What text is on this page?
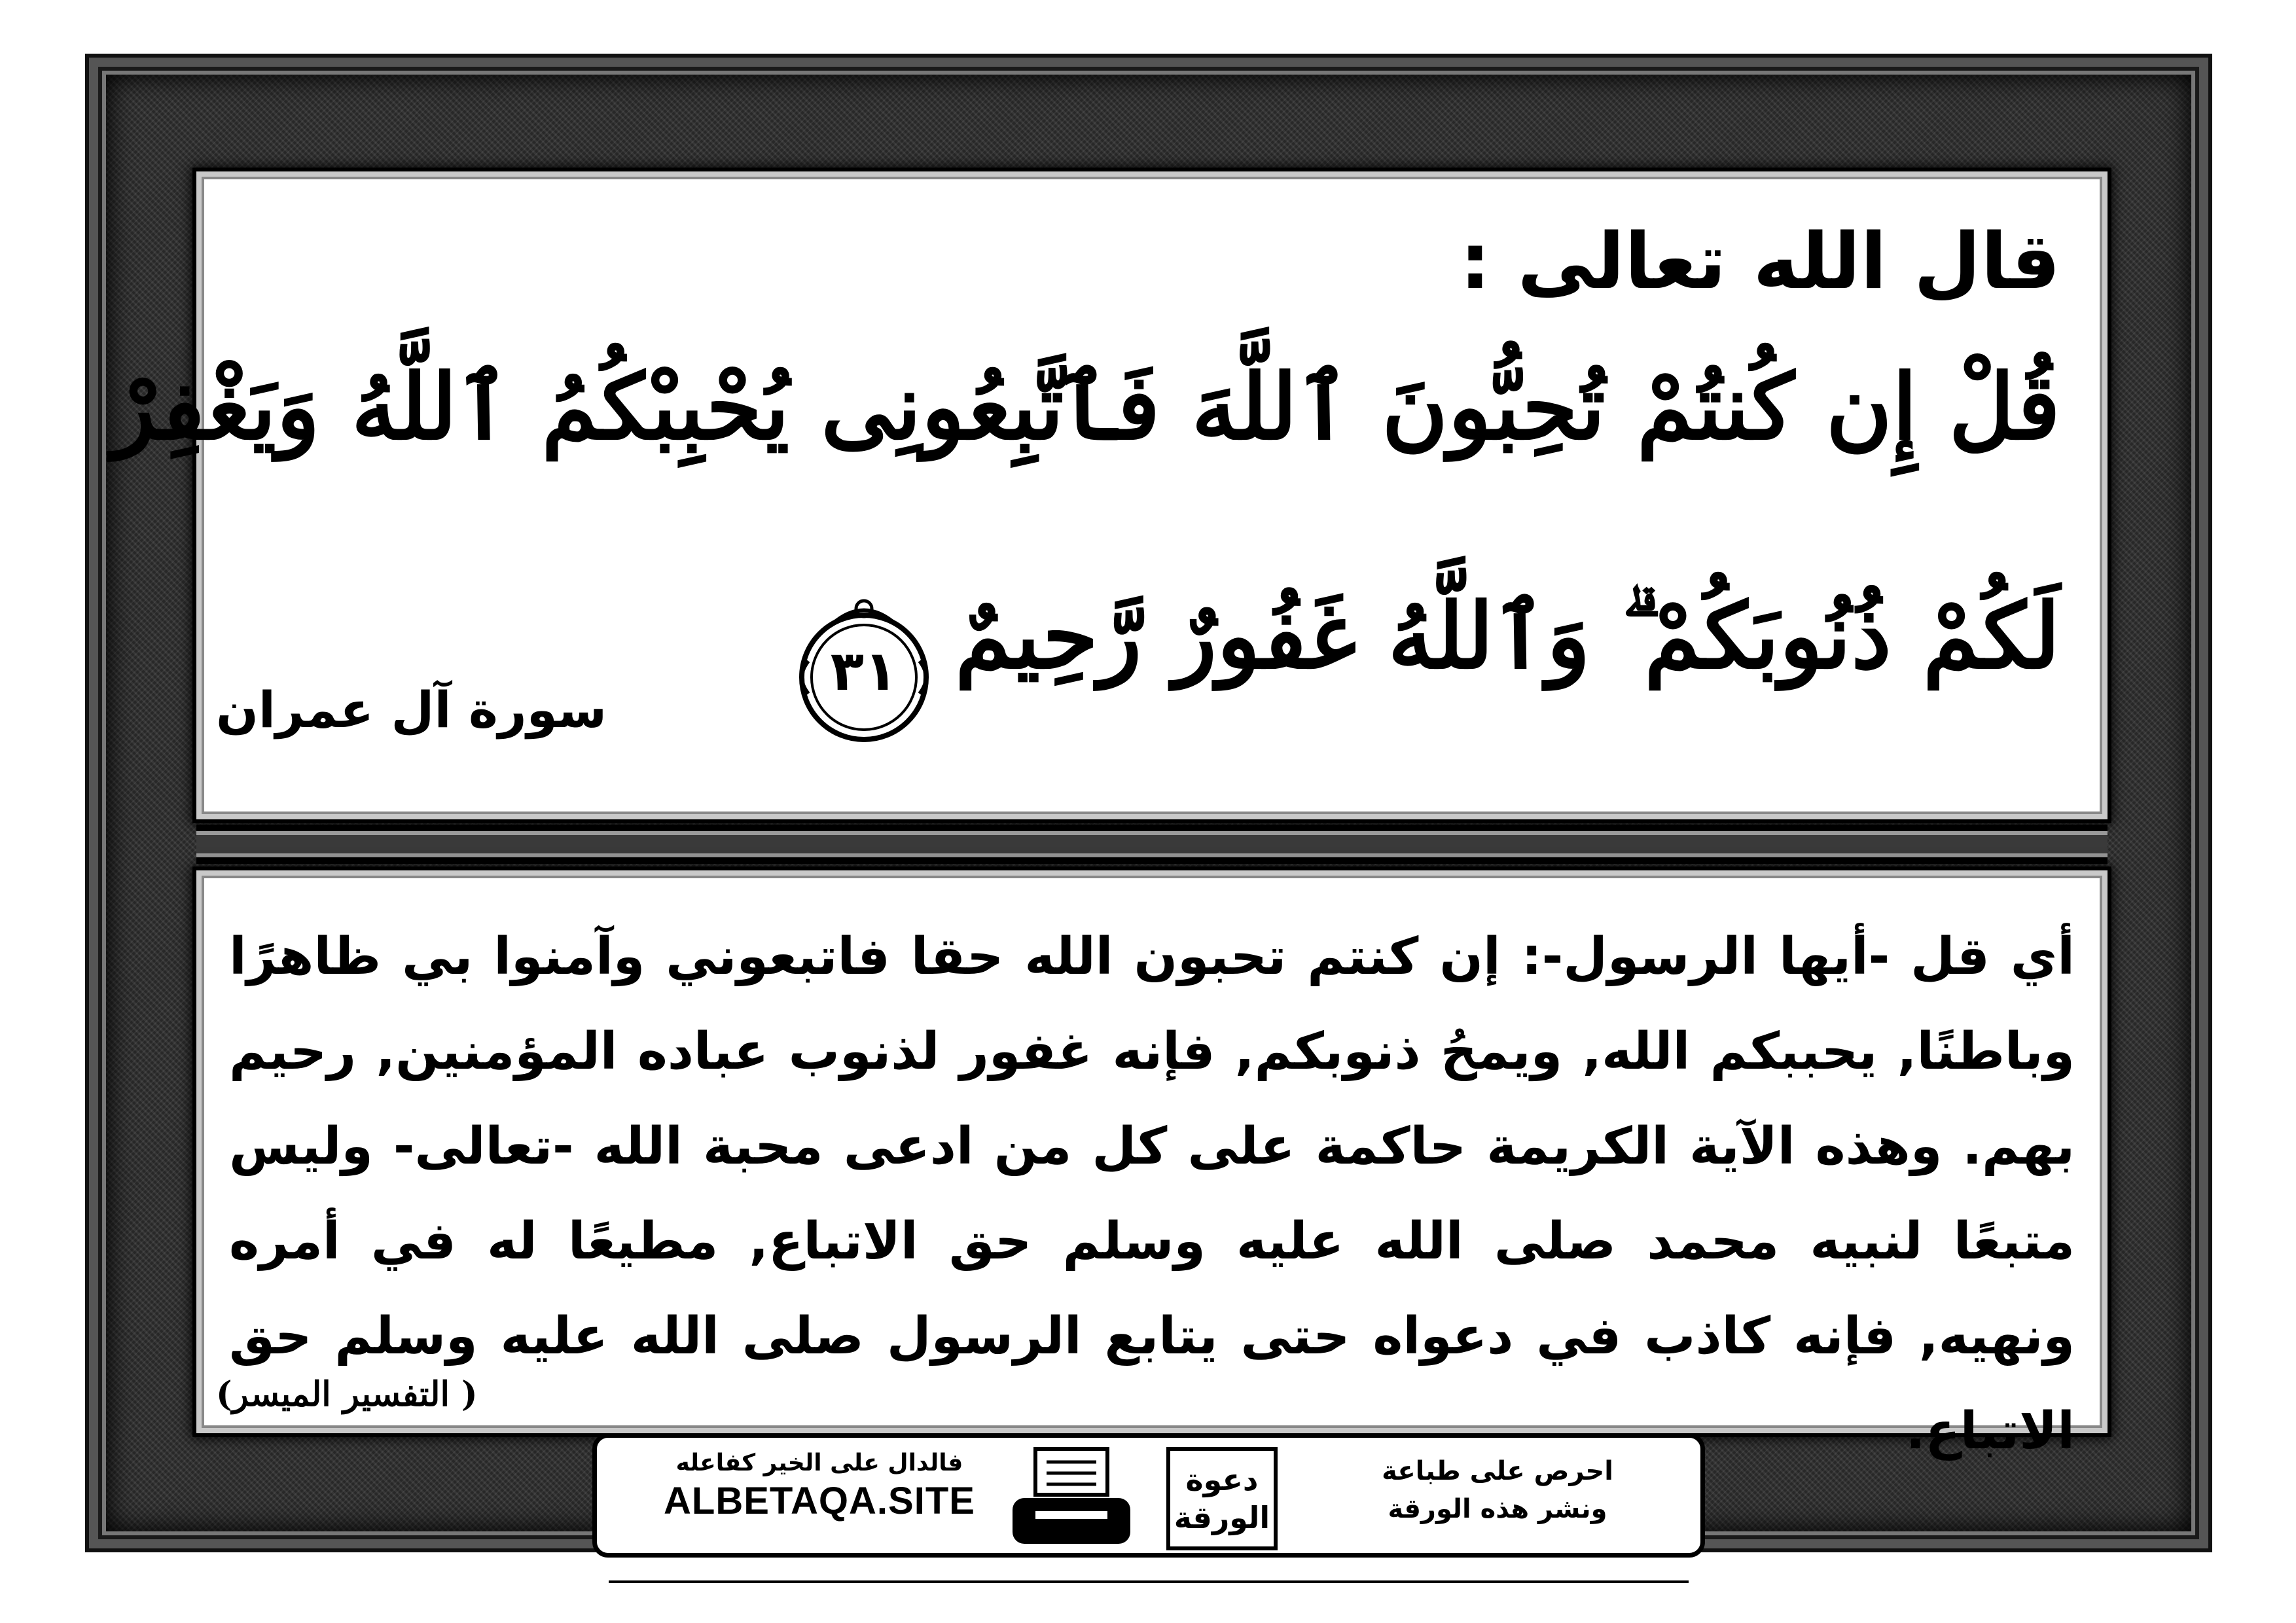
قال الله تعالى :

قُلْ إِن كُنتُمْ تُحِبُّونَ ٱللَّهَ فَٱتَّبِعُونِى يُحْبِبْكُمُ ٱللَّهُ وَيَغْفِرْ

لَكُمْ ذُنُوبَكُمْ ۗ وَٱللَّهُ غَفُورٌ رَّحِيمٌ

٣١

سورة آل عمران

أي قل -أيها الرسول-: إن كنتم تحبون الله حقا فاتبعوني وآمنوا بي ظاهرًا وباطنًا, يحببكم الله, ويمحُ ذنوبكم, فإنه غفور لذنوب عباده المؤمنين, رحيم بهم. وهذه الآية الكريمة حاكمة على كل من ادعى محبة الله -تعالى- وليس متبعًا لنبيه محمد صلى الله عليه وسلم حق الاتباع, مطيعًا له في أمره ونهيه, فإنه كاذب في دعواه حتى يتابع الرسول صلى الله عليه وسلم حق الاتباع.

( التفسير الميسر)

فالدال على الخير كفاعله

ALBETAQA.SITE	دعوة
الورقة

احرص على طباعة

ونشر هذه الورقة
